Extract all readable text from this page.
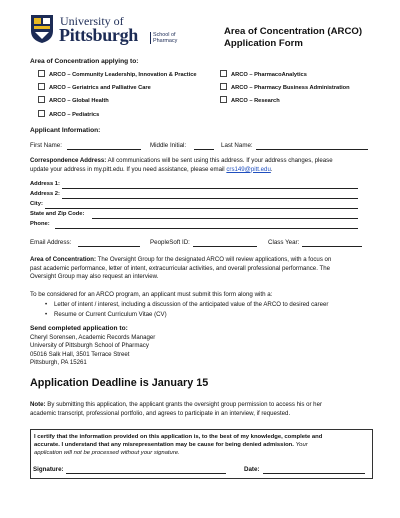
University of
Pittsburgh	School of
Pharmacy
Area of Concentration (ARCO)
Application Form
Area of Concentration applying to:
ARCO – Community Leadership, Innovation & Practice	ARCO – PharmacoAnalytics
ARCO – Geriatrics and Palliative Care	ARCO – Pharmacy Business Administration
ARCO – Global Health	ARCO – Research
ARCO – Pediatrics
Applicant Information:
First Name:	Middle Initial:	Last Name:
Correspondence Address: All communications will be sent using this address. If your address changes, please
update your address in my.pitt.edu. If you need assistance, please email crs149@pitt.edu.
Address 1:
Address 2:
City:
State and Zip Code:
Phone:
Email Address:	PeopleSoft ID:	Class Year:
Area of Concentration: The Oversight Group for the designated ARCO will review applications, with a focus on
past academic performance, letter of intent, extracurricular activities, and overall professional performance. The
Oversight Group may also request an interview.
To be considered for an ARCO program, an applicant must submit this form along with a:
• Letter of intent / interest, including a discussion of the anticipated value of the ARCO to desired career
• Resume or Current Curriculum Vitae (CV)
Send completed application to:
Cheryl Sorensen, Academic Records Manager
University of Pittsburgh School of Pharmacy
05016 Salk Hall, 3501 Terrace Street
Pittsburgh, PA 15261
Application Deadline is January 15
Note: By submitting this application, the applicant grants the oversight group permission to access his or her
academic transcript, professional portfolio, and agrees to participate in an interview, if requested.
I certify that the information provided on this application is, to the best of my knowledge, complete and
accurate. I understand that any misrepresentation may be cause for being denied admission. Your
application will not be processed without your signature.
Signature:	Date:
